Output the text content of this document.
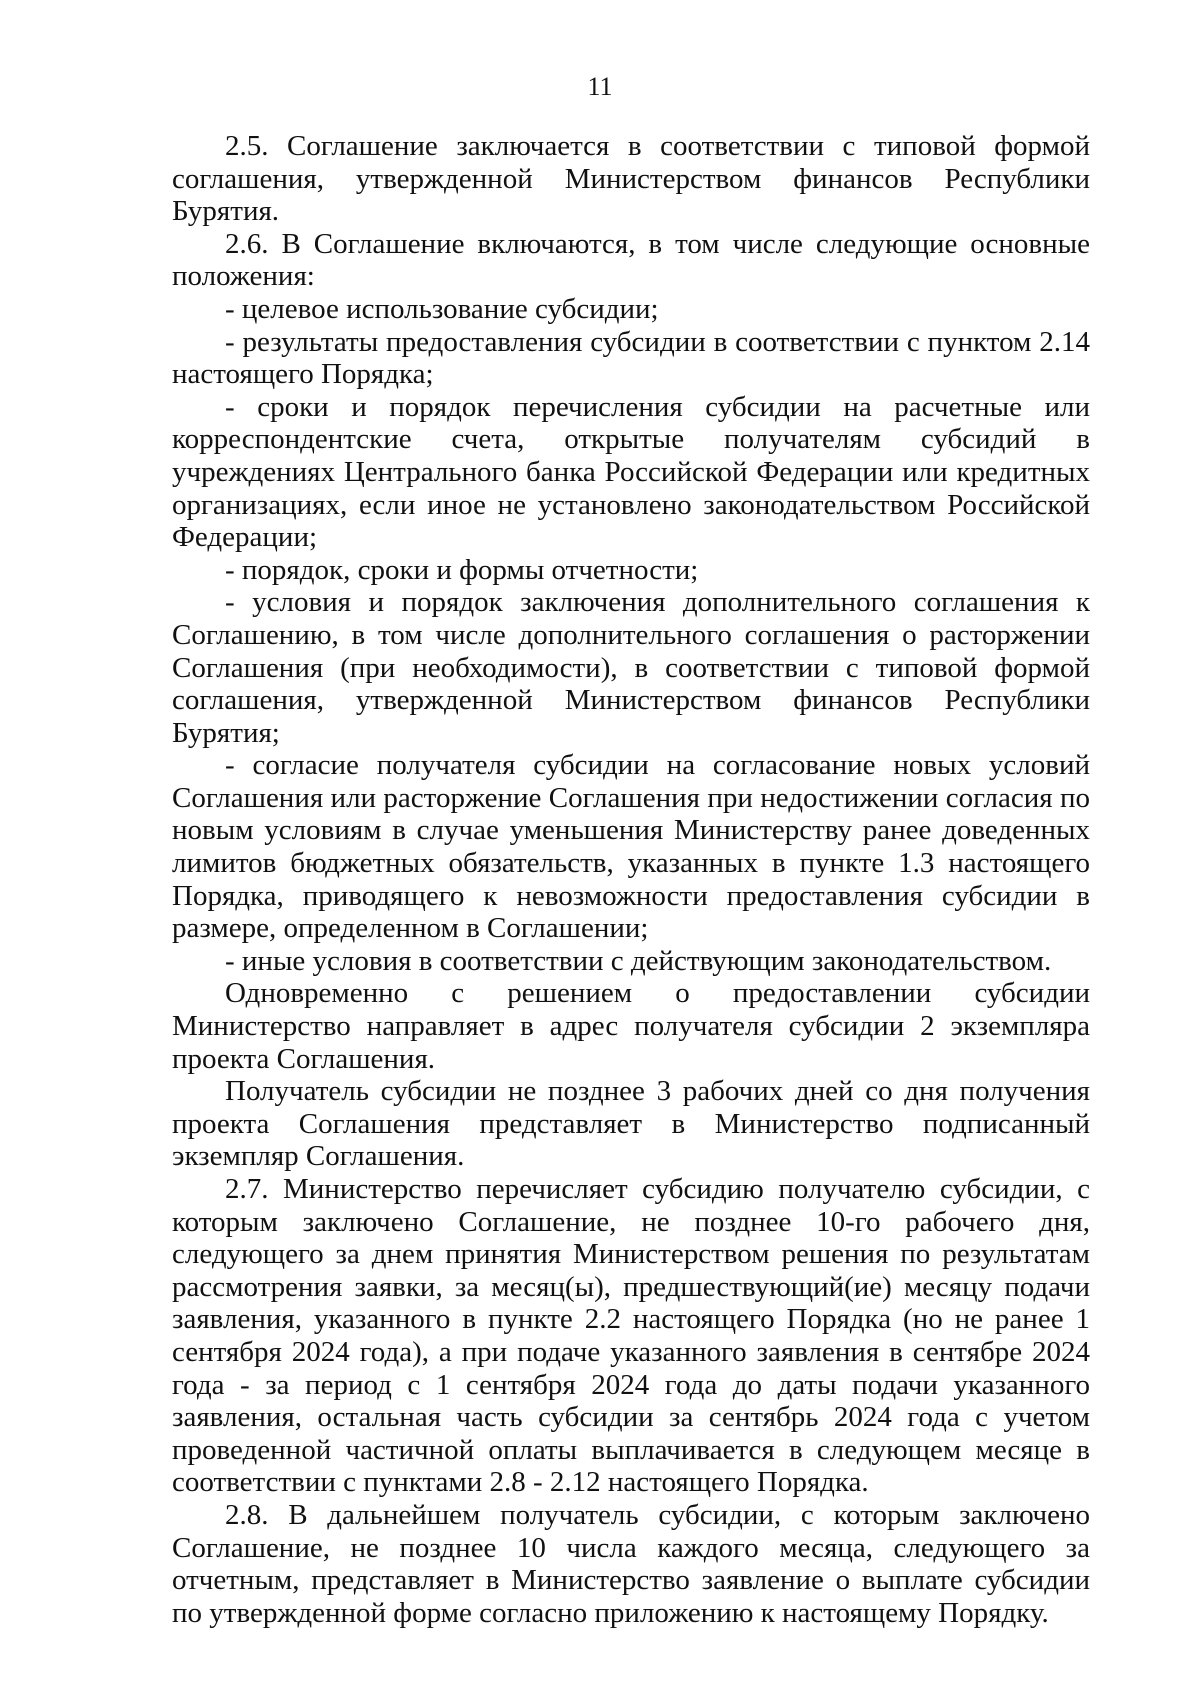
11

2.5. Соглашение заключается в соответствии с типовой формой соглашения, утвержденной Министерством финансов Республики Бурятия.

2.6. В Соглашение включаются, в том числе следующие основные положения:

- целевое использование субсидии;

- результаты предоставления субсидии в соответствии с пунктом 2.14 настоящего Порядка;

- сроки и порядок перечисления субсидии на расчетные или корреспондентские счета, открытые получателям субсидий в учреждениях Центрального банка Российской Федерации или кредитных организациях, если иное не установлено законодательством Российской Федерации;

- порядок, сроки и формы отчетности;

- условия и порядок заключения дополнительного соглашения к Соглашению, в том числе дополнительного соглашения о расторжении Соглашения (при необходимости), в соответствии с типовой формой соглашения, утвержденной Министерством финансов Республики Бурятия;

- согласие получателя субсидии на согласование новых условий Соглашения или расторжение Соглашения при недостижении согласия по новым условиям в случае уменьшения Министерству ранее доведенных лимитов бюджетных обязательств, указанных в пункте 1.3 настоящего Порядка, приводящего к невозможности предоставления субсидии в размере, определенном в Соглашении;

- иные условия в соответствии с действующим законодательством.

Одновременно с решением о предоставлении субсидии Министерство направляет в адрес получателя субсидии 2 экземпляра проекта Соглашения.

Получатель субсидии не позднее 3 рабочих дней со дня получения проекта Соглашения представляет в Министерство подписанный экземпляр Соглашения.

2.7. Министерство перечисляет субсидию получателю субсидии, с которым заключено Соглашение, не позднее 10-го рабочего дня, следующего за днем принятия Министерством решения по результатам рассмотрения заявки, за месяц(ы), предшествующий(ие) месяцу подачи заявления, указанного в пункте 2.2 настоящего Порядка (но не ранее 1 сентября 2024 года), а при подаче указанного заявления в сентябре 2024 года - за период с 1 сентября 2024 года до даты подачи указанного заявления, остальная часть субсидии за сентябрь 2024 года с учетом проведенной частичной оплаты выплачивается в следующем месяце в соответствии с пунктами 2.8 - 2.12 настоящего Порядка.

2.8. В дальнейшем получатель субсидии, с которым заключено Соглашение, не позднее 10 числа каждого месяца, следующего за отчетным, представляет в Министерство заявление о выплате субсидии по утвержденной форме согласно приложению к настоящему Порядку.
